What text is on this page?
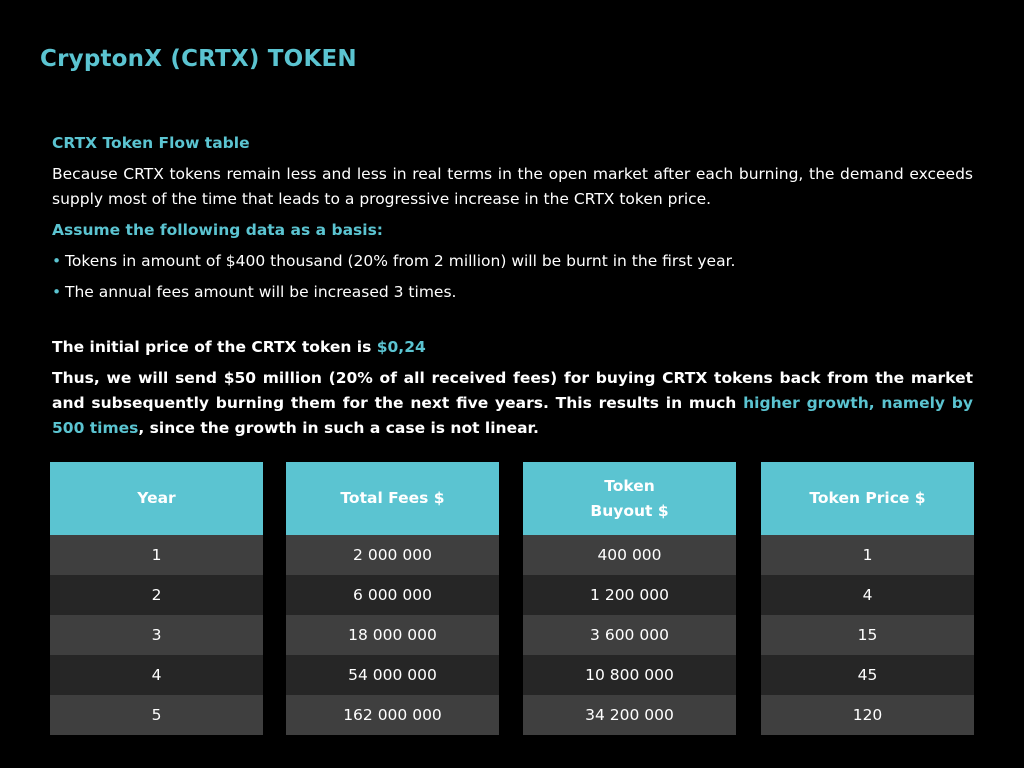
CryptonX (CRTX) TOKEN

CRTX Token Flow table

Because CRTX tokens remain less and less in real terms in the open market after each burning, the demand exceeds supply most of the time that leads to a progressive increase in the CRTX token price.

Assume the following data as a basis:

• Tokens in amount of $400 thousand (20% from 2 million) will be burnt in the first year.
• The annual fees amount will be increased 3 times.

The initial price of the CRTX token is $0,24

Thus, we will send $50 million (20% of all received fees) for buying CRTX tokens back from the market and subsequently burning them for the next five years. This results in much higher growth, namely by 500 times, since the growth in such a case is not linear.

Year
1
2
3
4
5
Total Fees $
2 000 000
6 000 000
18 000 000
54 000 000
162 000 000
Token
Buyout $
400 000
1 200 000
3 600 000
10 800 000
34 200 000
Token Price $
1
4
15
45
120
